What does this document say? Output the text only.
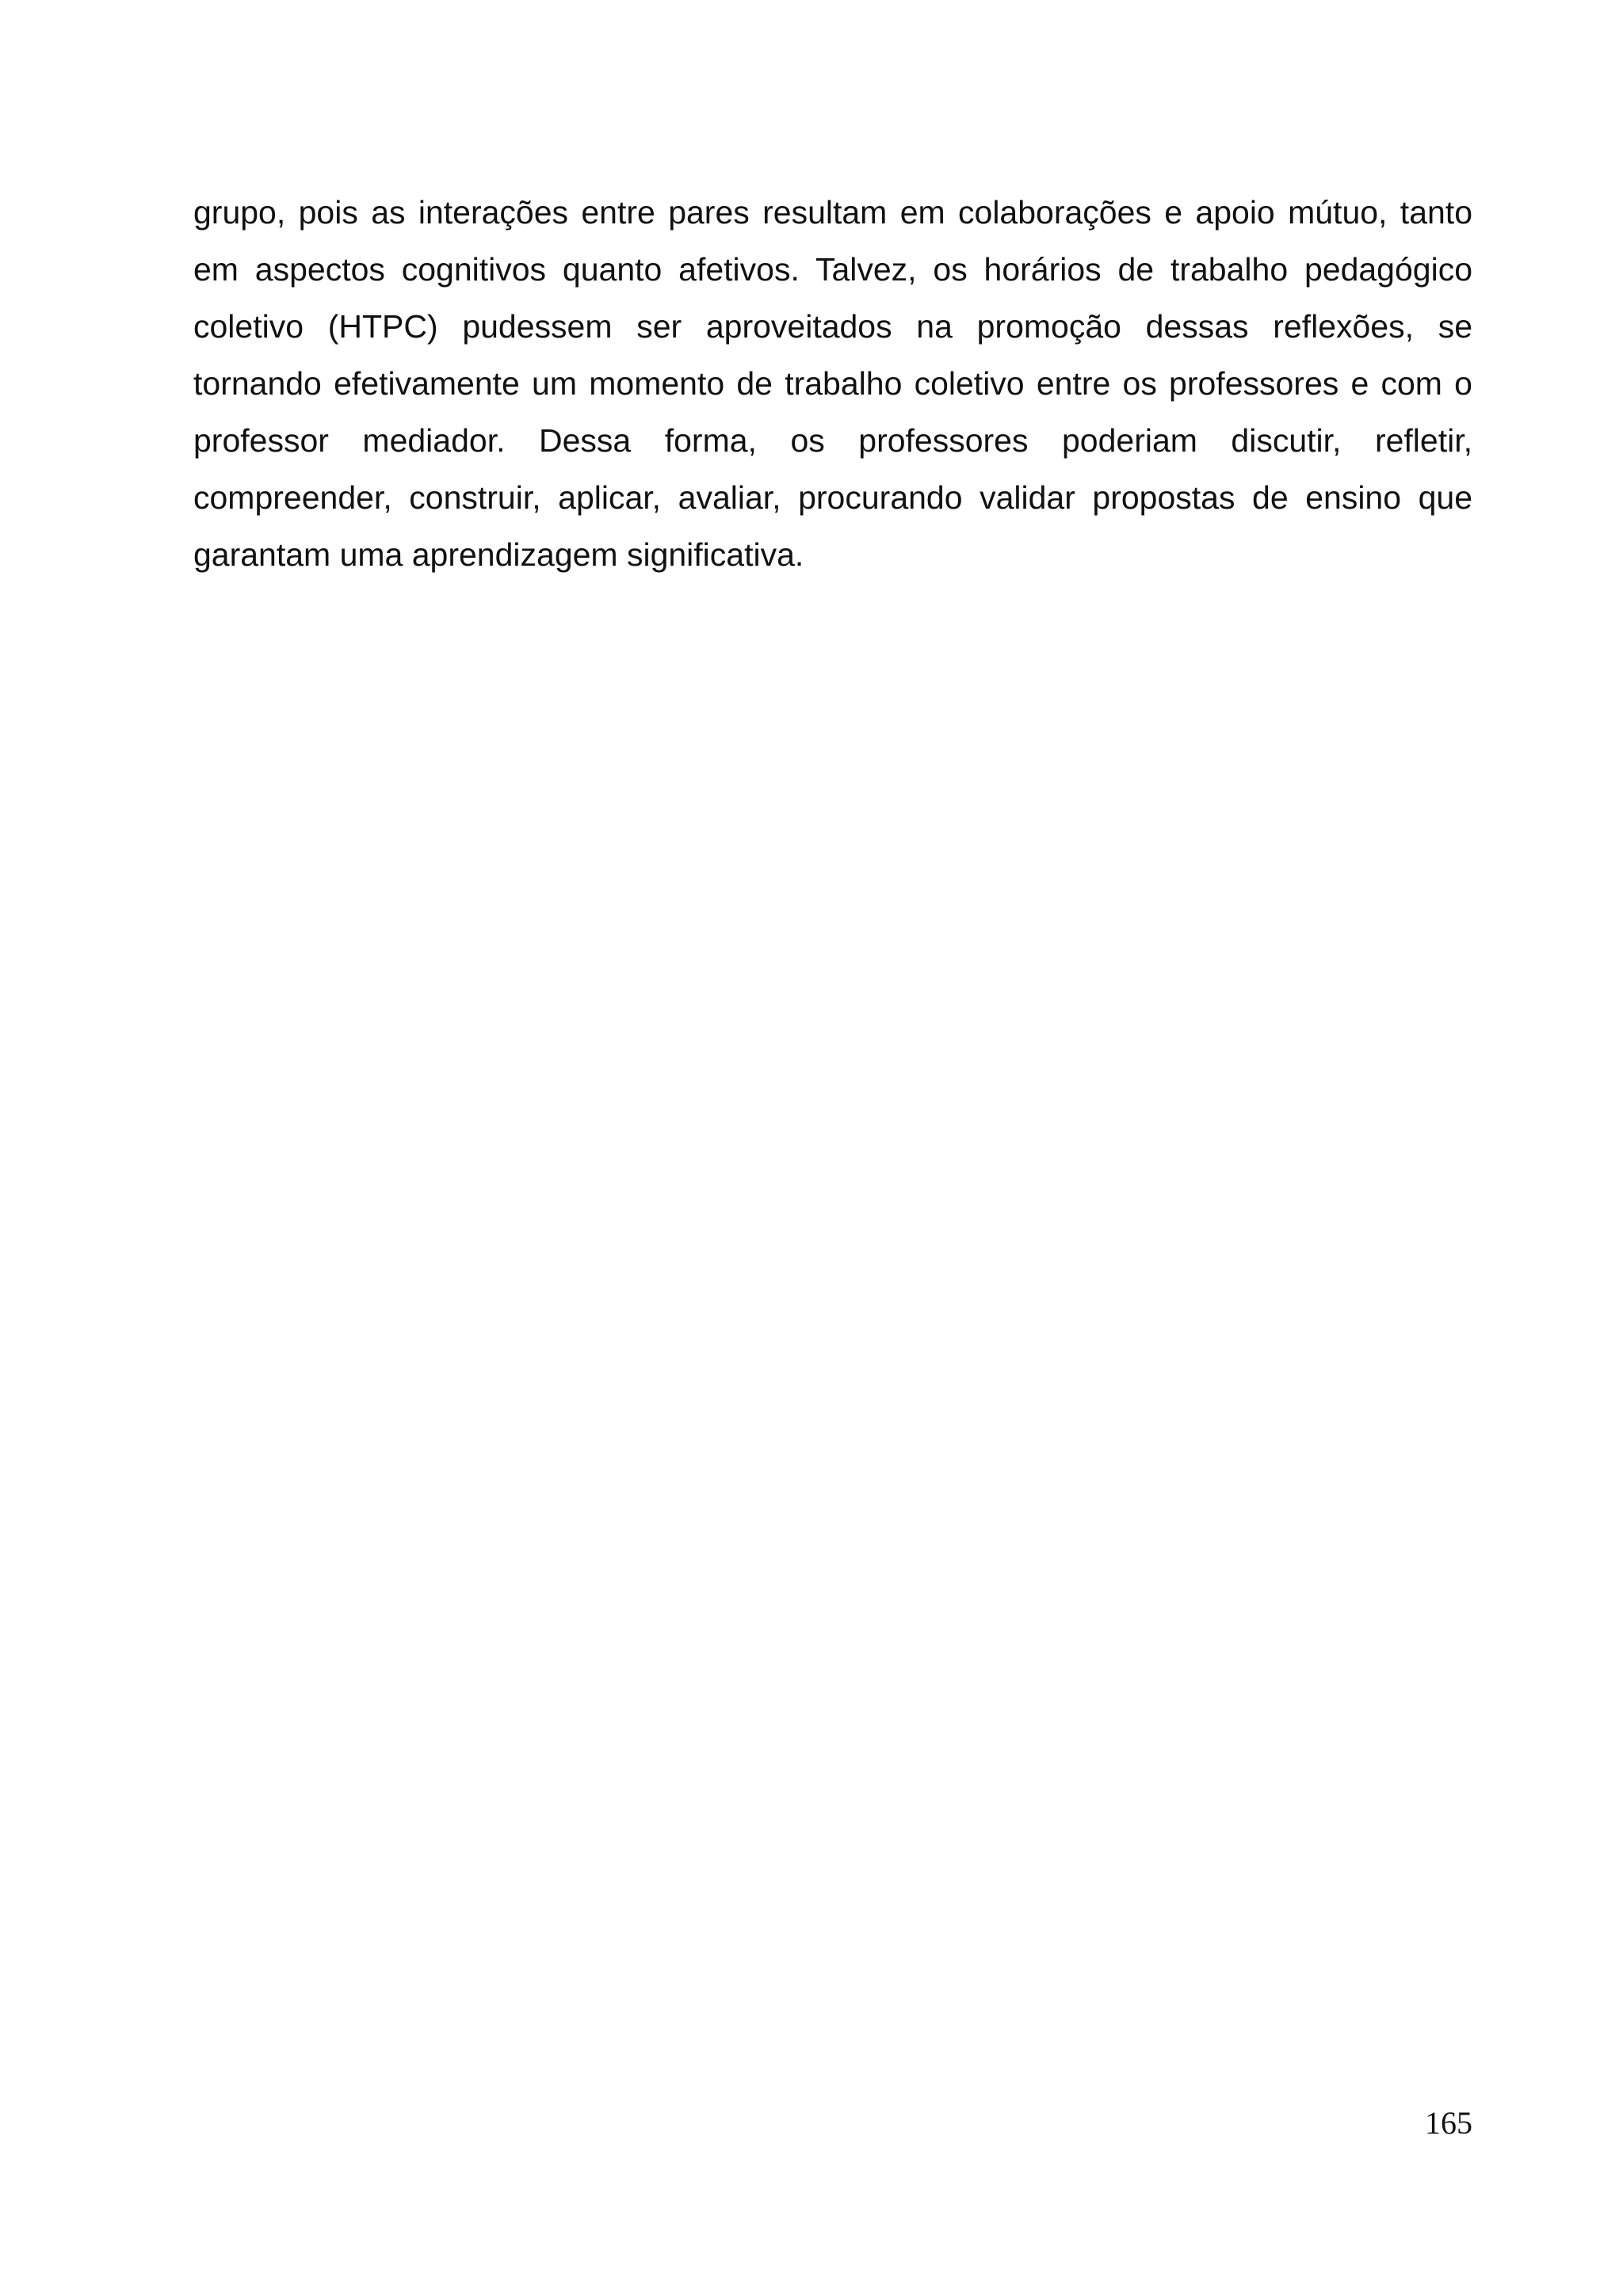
grupo, pois as interações entre pares resultam em colaborações e apoio mútuo, tanto
em aspectos cognitivos quanto afetivos. Talvez, os horários de trabalho pedagógico
coletivo (HTPC) pudessem ser aproveitados na promoção dessas reflexões, se
tornando efetivamente um momento de trabalho coletivo entre os professores e com o
professor mediador. Dessa forma, os professores poderiam discutir, refletir,
compreender, construir, aplicar, avaliar, procurando validar propostas de ensino que
garantam uma aprendizagem significativa.
165
